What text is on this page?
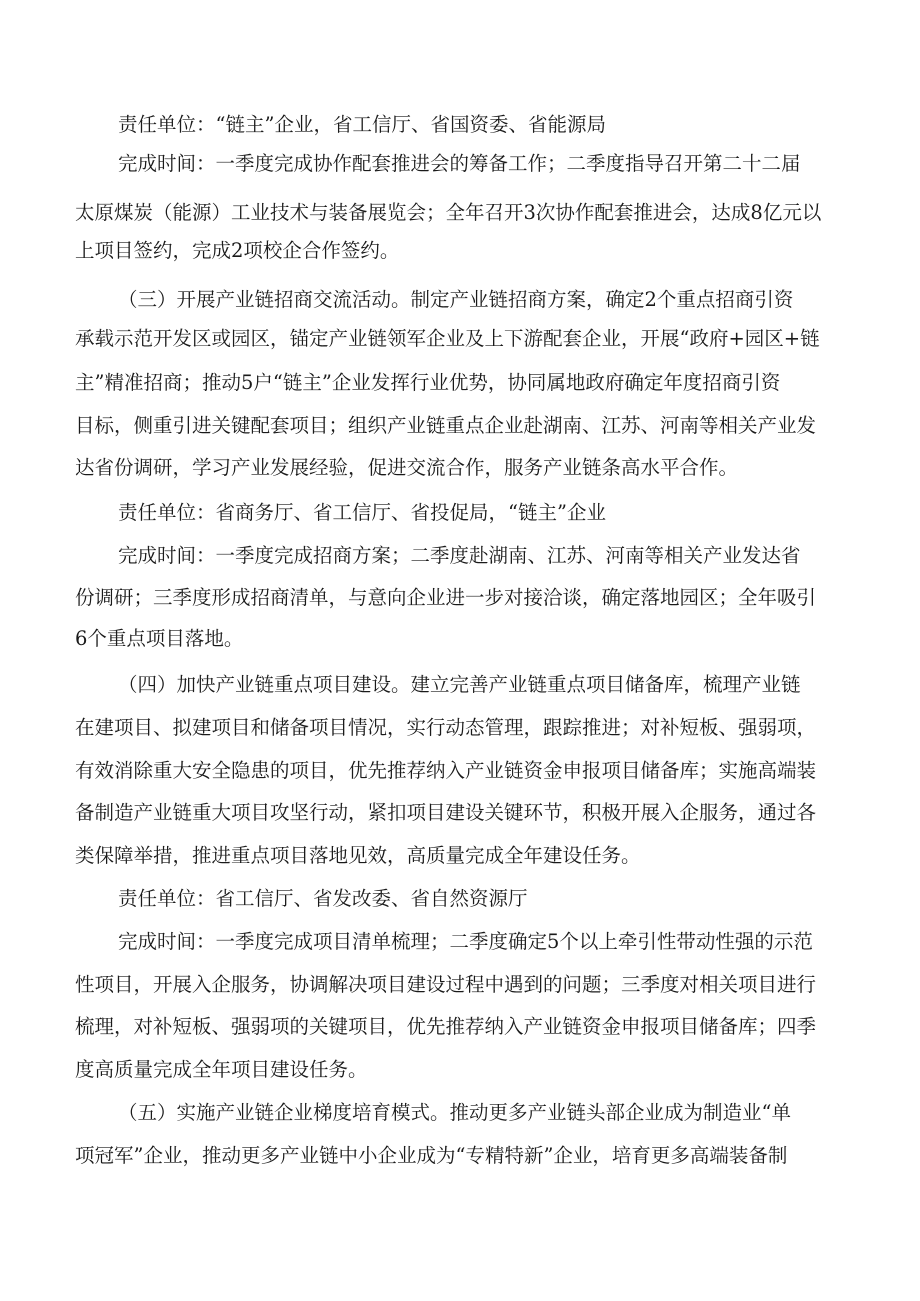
责任单位：“链主”企业，省工信厅、省国资委、省能源局
完成时间：一季度完成协作配套推进会的筹备工作；二季度指导召开第二十二届
太原煤炭（能源）工业技术与装备展览会；全年召开3次协作配套推进会，达成8亿元以
上项目签约，完成2项校企合作签约。
（三）开展产业链招商交流活动。制定产业链招商方案，确定2个重点招商引资
承载示范开发区或园区，锚定产业链领军企业及上下游配套企业，开展“政府+园区+链
主”精准招商；推动5户“链主”企业发挥行业优势，协同属地政府确定年度招商引资
目标，侧重引进关键配套项目；组织产业链重点企业赴湖南、江苏、河南等相关产业发
达省份调研，学习产业发展经验，促进交流合作，服务产业链条高水平合作。
责任单位：省商务厅、省工信厅、省投促局，“链主”企业
完成时间：一季度完成招商方案；二季度赴湖南、江苏、河南等相关产业发达省
份调研；三季度形成招商清单，与意向企业进一步对接洽谈，确定落地园区；全年吸引
6个重点项目落地。
（四）加快产业链重点项目建设。建立完善产业链重点项目储备库，梳理产业链
在建项目、拟建项目和储备项目情况，实行动态管理，跟踪推进；对补短板、强弱项，
有效消除重大安全隐患的项目，优先推荐纳入产业链资金申报项目储备库；实施高端装
备制造产业链重大项目攻坚行动，紧扣项目建设关键环节，积极开展入企服务，通过各
类保障举措，推进重点项目落地见效，高质量完成全年建设任务。
责任单位：省工信厅、省发改委、省自然资源厅
完成时间：一季度完成项目清单梳理；二季度确定5个以上牵引性带动性强的示范
性项目，开展入企服务，协调解决项目建设过程中遇到的问题；三季度对相关项目进行
梳理，对补短板、强弱项的关键项目，优先推荐纳入产业链资金申报项目储备库；四季
度高质量完成全年项目建设任务。
（五）实施产业链企业梯度培育模式。推动更多产业链头部企业成为制造业“单
项冠军”企业，推动更多产业链中小企业成为“专精特新”企业，培育更多高端装备制
